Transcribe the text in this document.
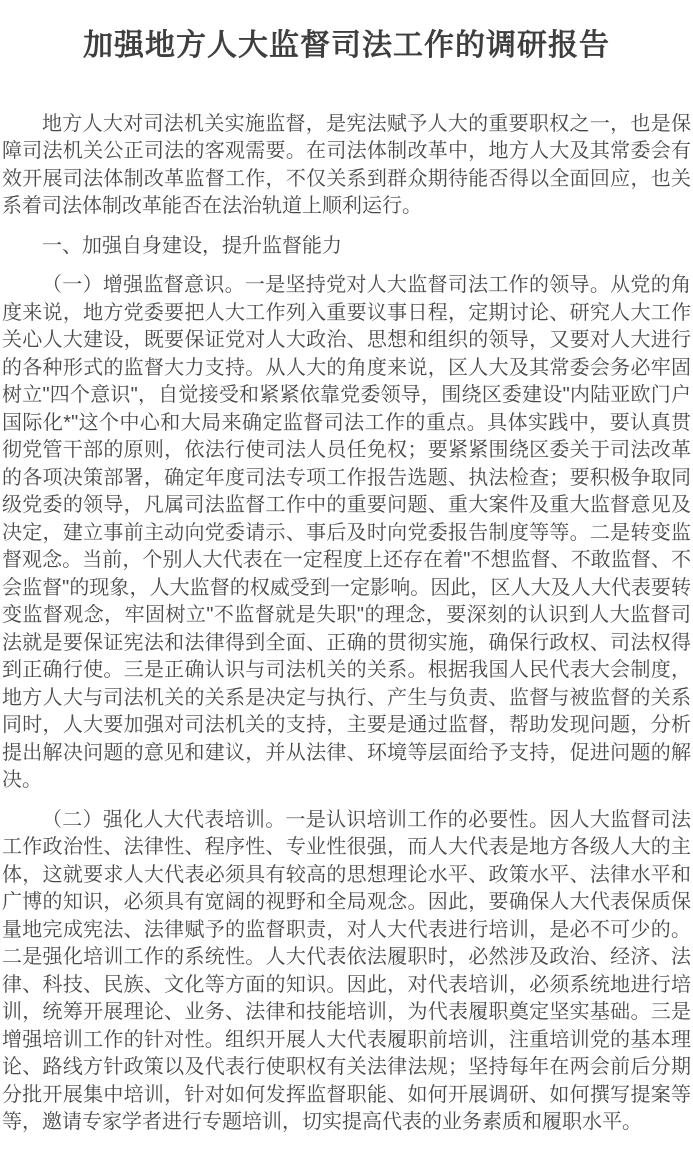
加强地方人大监督司法工作的调研报告

地方人大对司法机关实施监督，是宪法赋予人大的重要职权之一，也是保障司法机关公正司法的客观需要。在司法体制改革中，地方人大及其常委会有效开展司法体制改革监督工作，不仅关系到群众期待能否得以全面回应，也关系着司法体制改革能否在法治轨道上顺利运行。

一、加强自身建设，提升监督能力

（一）增强监督意识。一是坚持党对人大监督司法工作的领导。从党的角度来说，地方党委要把人大工作列入重要议事日程，定期讨论、研究人大工作关心人大建设，既要保证党对人大政治、思想和组织的领导，又要对人大进行的各种形式的监督大力支持。从人大的角度来说，区人大及其常委会务必牢固树立"四个意识"，自觉接受和紧紧依靠党委领导，围绕区委建设"内陆亚欧门户国际化*"这个中心和大局来确定监督司法工作的重点。具体实践中，要认真贯彻党管干部的原则，依法行使司法人员任免权；要紧紧围绕区委关于司法改革的各项决策部署，确定年度司法专项工作报告选题、执法检查；要积极争取同级党委的领导，凡属司法监督工作中的重要问题、重大案件及重大监督意见及决定，建立事前主动向党委请示、事后及时向党委报告制度等等。二是转变监督观念。当前，个别人大代表在一定程度上还存在着"不想监督、不敢监督、不会监督"的现象，人大监督的权威受到一定影响。因此，区人大及人大代表要转变监督观念，牢固树立"不监督就是失职"的理念，要深刻的认识到人大监督司法就是要保证宪法和法律得到全面、正确的贯彻实施，确保行政权、司法权得到正确行使。三是正确认识与司法机关的关系。根据我国人民代表大会制度，地方人大与司法机关的关系是决定与执行、产生与负责、监督与被监督的关系同时，人大要加强对司法机关的支持，主要是通过监督，帮助发现问题，分析提出解决问题的意见和建议，并从法律、环境等层面给予支持，促进问题的解决。

（二）强化人大代表培训。一是认识培训工作的必要性。因人大监督司法工作政治性、法律性、程序性、专业性很强，而人大代表是地方各级人大的主体，这就要求人大代表必须具有较高的思想理论水平、政策水平、法律水平和广博的知识，必须具有宽阔的视野和全局观念。因此，要确保人大代表保质保量地完成宪法、法律赋予的监督职责，对人大代表进行培训，是必不可少的。二是强化培训工作的系统性。人大代表依法履职时，必然涉及政治、经济、法律、科技、民族、文化等方面的知识。因此，对代表培训，必须系统地进行培训，统筹开展理论、业务、法律和技能培训，为代表履职奠定坚实基础。三是增强培训工作的针对性。组织开展人大代表履职前培训，注重培训党的基本理论、路线方针政策以及代表行使职权有关法律法规；坚持每年在两会前后分期分批开展集中培训，针对如何发挥监督职能、如何开展调研、如何撰写提案等等，邀请专家学者进行专题培训，切实提高代表的业务素质和履职水平。
